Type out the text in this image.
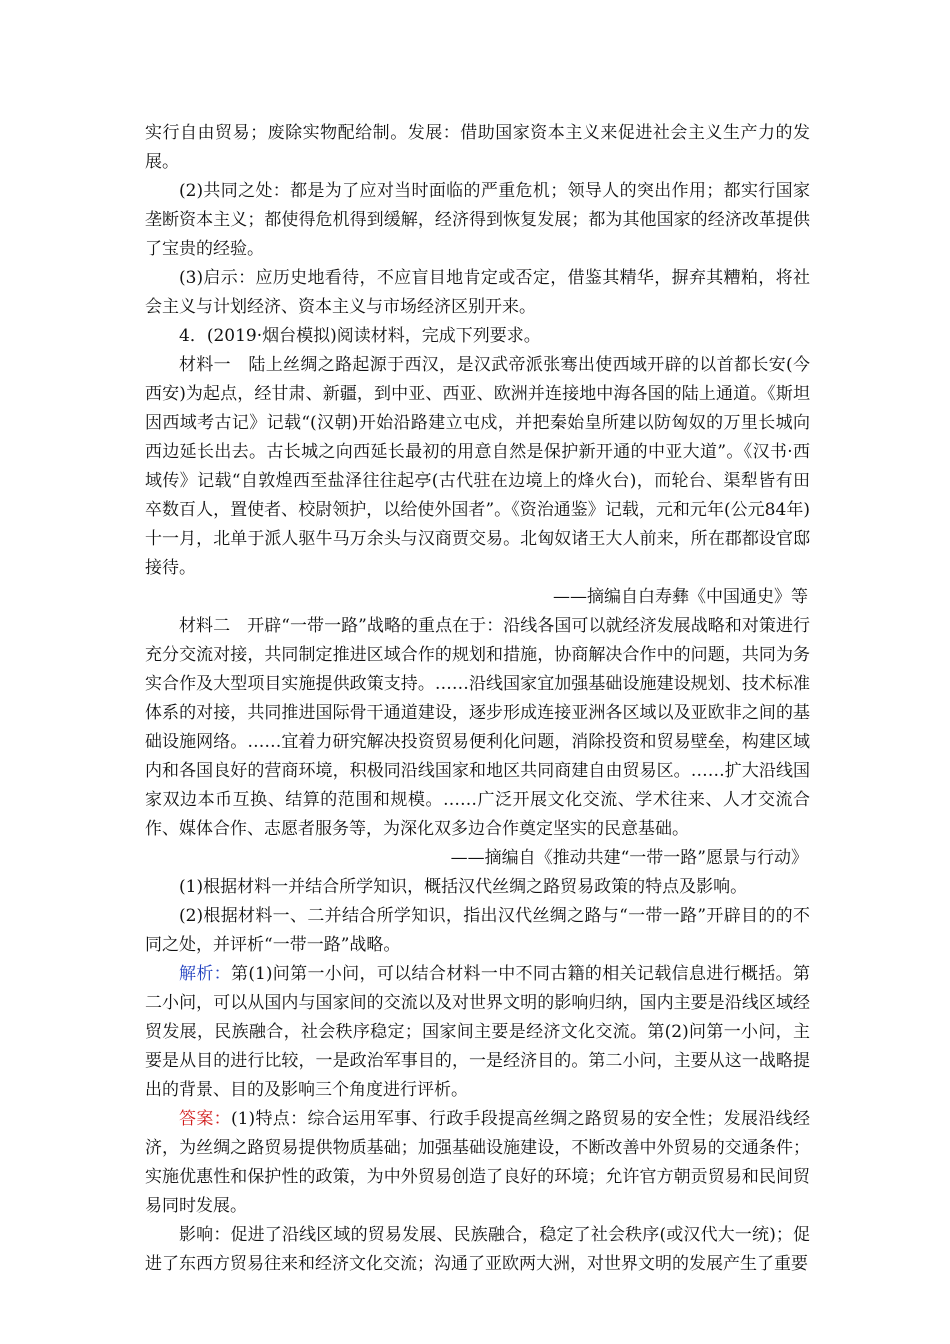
实行自由贸易；废除实物配给制。发展：借助国家资本主义来促进社会主义生产力的发展。

(2)共同之处：都是为了应对当时面临的严重危机；领导人的突出作用；都实行国家垄断资本主义；都使得危机得到缓解，经济得到恢复发展；都为其他国家的经济改革提供了宝贵的经验。

(3)启示：应历史地看待，不应盲目地肯定或否定，借鉴其精华，摒弃其糟粕，将社会主义与计划经济、资本主义与市场经济区别开来。

4．(2019·烟台模拟)阅读材料，完成下列要求。

材料一　陆上丝绸之路起源于西汉，是汉武帝派张骞出使西域开辟的以首都长安(今西安)为起点，经甘肃、新疆，到中亚、西亚、欧洲并连接地中海各国的陆上通道。《斯坦因西域考古记》记载“(汉朝)开始沿路建立屯戍，并把秦始皇所建以防匈奴的万里长城向西边延长出去。古长城之向西延长最初的用意自然是保护新开通的中亚大道”。《汉书·西域传》记载“自敦煌西至盐泽往往起亭(古代驻在边境上的烽火台)，而轮台、渠犁皆有田卒数百人，置使者、校尉领护，以给使外国者”。《资治通鉴》记载，元和元年(公元84年)十一月，北单于派人驱牛马万余头与汉商贾交易。北匈奴诸王大人前来，所在郡都设官邸接待。

——摘编自白寿彝《中国通史》等

材料二　开辟“一带一路”战略的重点在于：沿线各国可以就经济发展战略和对策进行充分交流对接，共同制定推进区域合作的规划和措施，协商解决合作中的问题，共同为务实合作及大型项目实施提供政策支持。……沿线国家宜加强基础设施建设规划、技术标准体系的对接，共同推进国际骨干通道建设，逐步形成连接亚洲各区域以及亚欧非之间的基础设施网络。……宜着力研究解决投资贸易便利化问题，消除投资和贸易壁垒，构建区域内和各国良好的营商环境，积极同沿线国家和地区共同商建自由贸易区。……扩大沿线国家双边本币互换、结算的范围和规模。……广泛开展文化交流、学术往来、人才交流合作、媒体合作、志愿者服务等，为深化双多边合作奠定坚实的民意基础。

——摘编自《推动共建“一带一路”愿景与行动》

(1)根据材料一并结合所学知识，概括汉代丝绸之路贸易政策的特点及影响。

(2)根据材料一、二并结合所学知识，指出汉代丝绸之路与“一带一路”开辟目的的不同之处，并评析“一带一路”战略。

解析：第(1)问第一小问，可以结合材料一中不同古籍的相关记载信息进行概括。第二小问，可以从国内与国家间的交流以及对世界文明的影响归纳，国内主要是沿线区域经贸发展，民族融合，社会秩序稳定；国家间主要是经济文化交流。第(2)问第一小问，主要是从目的进行比较，一是政治军事目的，一是经济目的。第二小问，主要从这一战略提出的背景、目的及影响三个角度进行评析。

答案：(1)特点：综合运用军事、行政手段提高丝绸之路贸易的安全性；发展沿线经济，为丝绸之路贸易提供物质基础；加强基础设施建设，不断改善中外贸易的交通条件；实施优惠性和保护性的政策，为中外贸易创造了良好的环境；允许官方朝贡贸易和民间贸易同时发展。

影响：促进了沿线区域的贸易发展、民族融合，稳定了社会秩序(或汉代大一统)；促进了东西方贸易往来和经济文化交流；沟通了亚欧两大洲，对世界文明的发展产生了重要
